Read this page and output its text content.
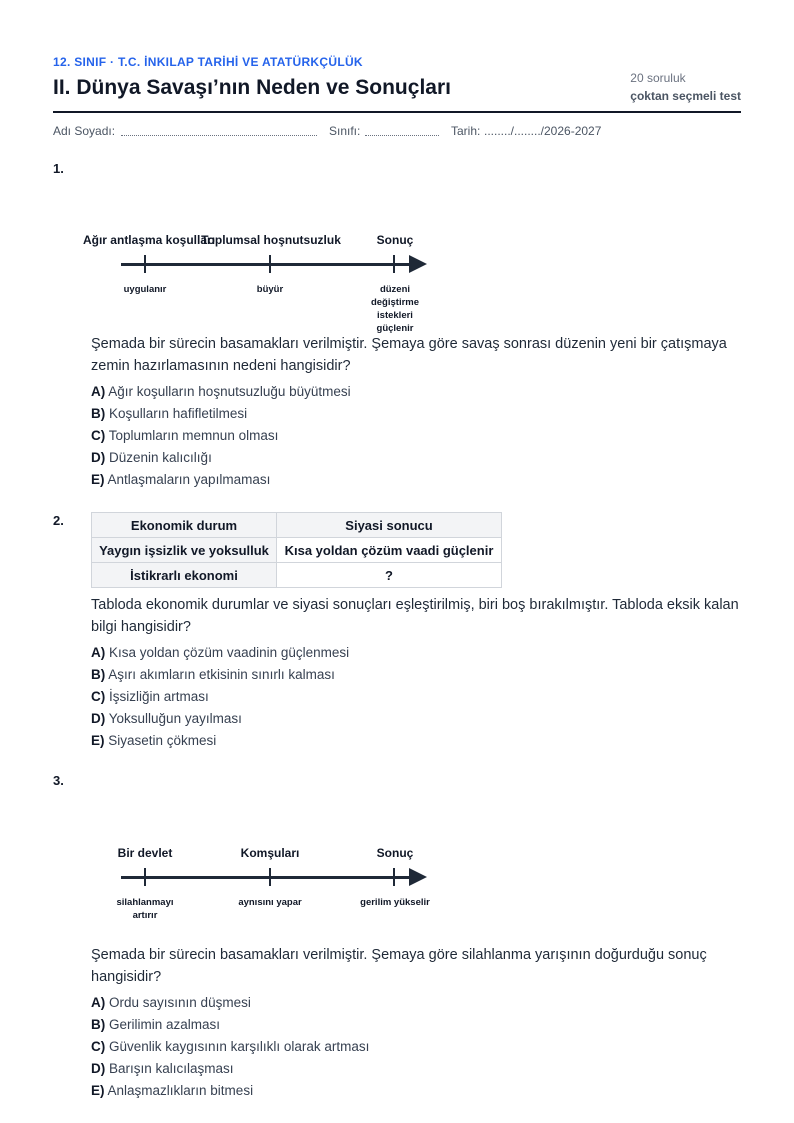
12. SINIF · T.C. İNKILAP TARİHİ VE ATATÜRKÇÜLÜK
II. Dünya Savaşı’nın Neden ve Sonuçları	20 soruluk
çoktan seçmeli test
Adı Soyadı:	Sınıfı:	Tarih: ......../......../2026-2027
1.
Ağır antlaşma koşulları
Toplumsal hoşnutsuzluk	Sonuç
uygulanır	büyür	düzeni değiştirme istekleri güçlenir
Şemada bir sürecin basamakları verilmiştir. Şemaya göre savaş sonrası düzenin yeni bir çatışmaya zemin hazırlamasının nedeni hangisidir?
A) Ağır koşulların hoşnutsuzluğu büyütmesi
B) Koşulların hafifletilmesi
C) Toplumların memnun olması
D) Düzenin kalıcılığı
E) Antlaşmaların yapılmaması
2.	Ekonomik durum	Siyasi sonucu
Yaygın işsizlik ve yoksulluk	Kısa yoldan çözüm vaadi güçlenir
İstikrarlı ekonomi	?
Tabloda ekonomik durumlar ve siyasi sonuçları eşleştirilmiş, biri boş bırakılmıştır. Tabloda eksik kalan bilgi hangisidir?
A) Kısa yoldan çözüm vaadinin güçlenmesi
B) Aşırı akımların etkisinin sınırlı kalması
C) İşsizliğin artması
D) Yoksulluğun yayılması
E) Siyasetin çökmesi
3.
Bir devlet	Komşuları	Sonuç
silahlanmayı artırır
aynısını yapar	gerilim yükselir
Şemada bir sürecin basamakları verilmiştir. Şemaya göre silahlanma yarışının doğurduğu sonuç hangisidir?
A) Ordu sayısının düşmesi
B) Gerilimin azalması
C) Güvenlik kaygısının karşılıklı olarak artması
D) Barışın kalıcılaşması
E) Anlaşmazlıkların bitmesi
